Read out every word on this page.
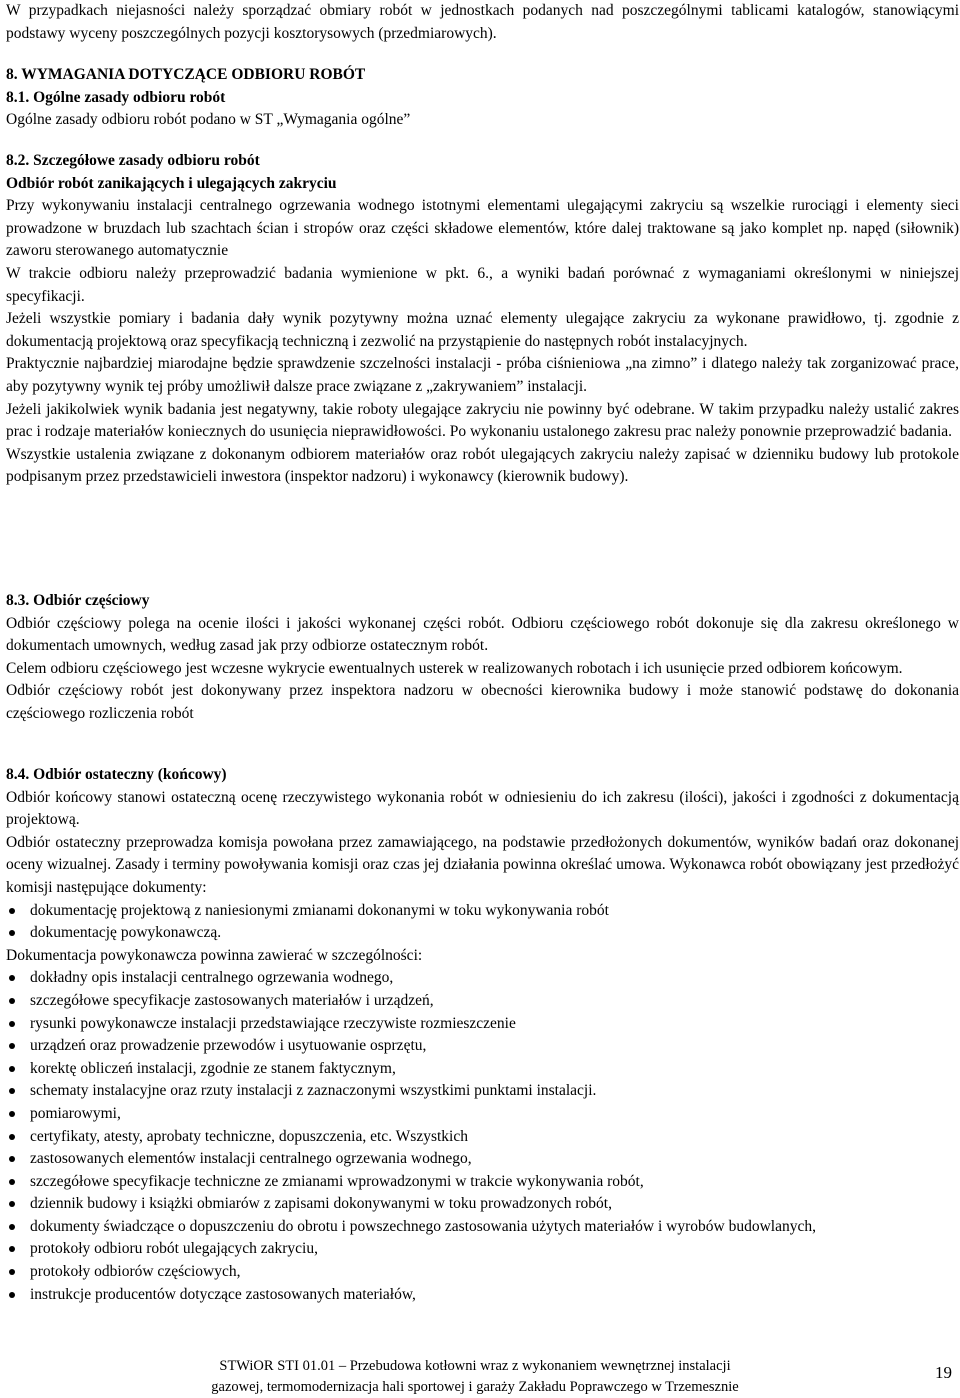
W przypadkach niejasności należy sporządzać obmiary robót w jednostkach podanych nad poszczególnymi tablicami katalogów, stanowiącymi podstawy wyceny poszczególnych pozycji kosztorysowych (przedmiarowych).

8. WYMAGANIA DOTYCZĄCE ODBIORU ROBÓT
8.1. Ogólne zasady odbioru robót

Ogólne zasady odbioru robót podano w ST „Wymagania ogólne”

8.2. Szczegółowe zasady odbioru robót
Odbiór robót zanikających i ulegających zakryciu

Przy wykonywaniu instalacji centralnego ogrzewania wodnego istotnymi elementami ulegającymi zakryciu są wszelkie rurociągi i elementy sieci prowadzone w bruzdach lub szachtach ścian i stropów oraz części składowe elementów, które dalej traktowane są jako komplet np. napęd (siłownik) zaworu sterowanego automatycznie

W trakcie odbioru należy przeprowadzić badania wymienione w pkt. 6., a wyniki badań porównać z wymaganiami określonymi w niniejszej specyfikacji.

Jeżeli wszystkie pomiary i badania dały wynik pozytywny można uznać elementy ulegające zakryciu za wykonane prawidłowo, tj. zgodnie z dokumentacją projektową oraz specyfikacją techniczną i zezwolić na przystąpienie do następnych robót instalacyjnych.

Praktycznie najbardziej miarodajne będzie sprawdzenie szczelności instalacji - próba ciśnieniowa „na zimno” i dlatego należy tak zorganizować prace, aby pozytywny wynik tej próby umożliwił dalsze prace związane z „zakrywaniem” instalacji.

Jeżeli jakikolwiek wynik badania jest negatywny, takie roboty ulegające zakryciu nie powinny być odebrane. W takim przypadku należy ustalić zakres prac i rodzaje materiałów koniecznych do usunięcia nieprawidłowości. Po wykonaniu ustalonego zakresu prac należy ponownie przeprowadzić badania.

Wszystkie ustalenia związane z dokonanym odbiorem materiałów oraz robót ulegających zakryciu należy zapisać w dzienniku budowy lub protokole podpisanym przez przedstawicieli inwestora (inspektor nadzoru) i wykonawcy (kierownik budowy).

8.3. Odbiór częściowy

Odbiór częściowy polega na ocenie ilości i jakości wykonanej części robót. Odbioru częściowego robót dokonuje się dla zakresu określonego w dokumentach umownych, według zasad jak przy odbiorze ostatecznym robót.

Celem odbioru częściowego jest wczesne wykrycie ewentualnych usterek w realizowanych robotach i ich usunięcie przed odbiorem końcowym.

Odbiór częściowy robót jest dokonywany przez inspektora nadzoru w obecności kierownika budowy i może stanowić podstawę do dokonania częściowego rozliczenia robót

8.4. Odbiór ostateczny (końcowy)

Odbiór końcowy stanowi ostateczną ocenę rzeczywistego wykonania robót w odniesieniu do ich zakresu (ilości), jakości i zgodności z dokumentacją projektową.

Odbiór ostateczny przeprowadza komisja powołana przez zamawiającego, na podstawie przedłożonych dokumentów, wyników badań oraz dokonanej oceny wizualnej. Zasady i terminy powoływania komisji oraz czas jej działania powinna określać umowa. Wykonawca robót obowiązany jest przedłożyć komisji następujące dokumenty:

dokumentację projektową z naniesionymi zmianami dokonanymi w toku wykonywania robót
dokumentację powykonawczą.

Dokumentacja powykonawcza powinna zawierać w szczególności:

dokładny opis instalacji centralnego ogrzewania wodnego,
szczegółowe specyfikacje zastosowanych materiałów i urządzeń,
rysunki powykonawcze instalacji przedstawiające rzeczywiste rozmieszczenie
urządzeń oraz prowadzenie przewodów i usytuowanie osprzętu,
korektę obliczeń instalacji, zgodnie ze stanem faktycznym,
schematy instalacyjne oraz rzuty instalacji z zaznaczonymi wszystkimi punktami instalacji.
pomiarowymi,
certyfikaty, atesty, aprobaty techniczne, dopuszczenia, etc. Wszystkich
zastosowanych elementów instalacji centralnego ogrzewania wodnego,
szczegółowe specyfikacje techniczne ze zmianami wprowadzonymi w trakcie wykonywania robót,
dziennik budowy i książki obmiarów z zapisami dokonywanymi w toku prowadzonych robót,
dokumenty świadczące o dopuszczeniu do obrotu i powszechnego zastosowania użytych materiałów i wyrobów budowlanych,
protokoły odbioru robót ulegających zakryciu,
protokoły odbiorów częściowych,
instrukcje producentów dotyczące zastosowanych materiałów,
STWiOR STI 01.01 – Przebudowa kotłowni wraz z wykonaniem wewnętrznej instalacji
gazowej, termomodernizacja hali sportowej i garaży Zakładu Poprawczego w Trzemesznie
19
